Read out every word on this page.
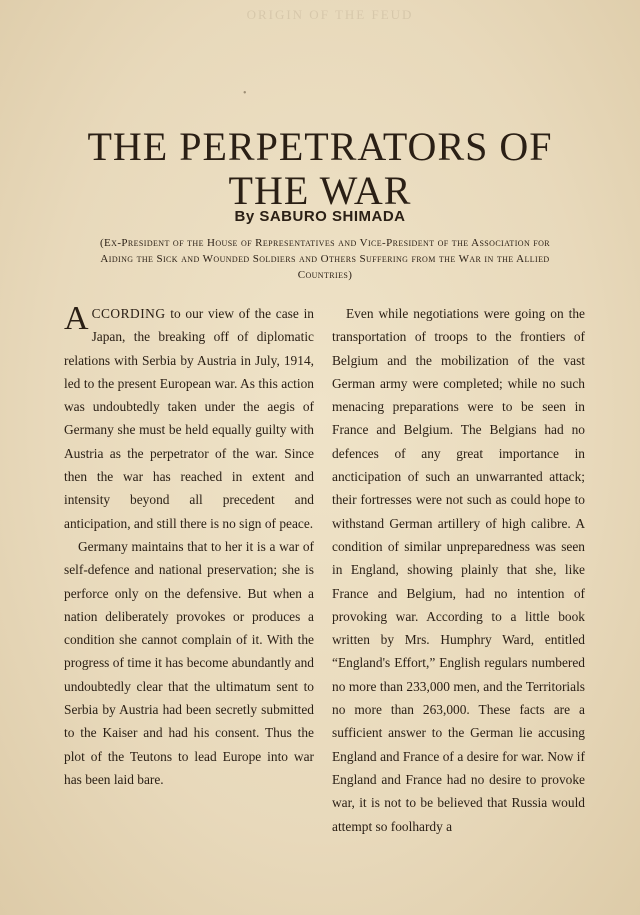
ORIGIN OF THE FEUD
•
THE PERPETRATORS OF
THE WAR
By SABURO SHIMADA
(Ex-President of the House of Representatives and Vice-President of the Association for Aiding the Sick and Wounded Soldiers and Others Suffering from the War in the Allied Countries)

ACCORDING to our view of the case in Japan, the breaking off of diplomatic relations with Serbia by Austria in July, 1914, led to the present European war. As this action was undoubtedly taken under the aegis of Germany she must be held equally guilty with Austria as the perpetrator of the war. Since then the war has reached in extent and intensity beyond all precedent and anticipation, and still there is no sign of peace.

Germany maintains that to her it is a war of self-defence and national preservation; she is perforce only on the defensive. But when a nation deliberately provokes or produces a condition she cannot complain of it. With the progress of time it has become abundantly and undoubtedly clear that the ultimatum sent to Serbia by Austria had been secretly submitted to the Kaiser and had his consent. Thus the plot of the Teutons to lead Europe into war has been laid bare.

Even while negotiations were going on the transportation of troops to the frontiers of Belgium and the mobilization of the vast German army were completed; while no such menacing preparations were to be seen in France and Belgium. The Belgians had no defences of any great importance in ancticipation of such an unwarranted attack; their fortresses were not such as could hope to withstand German artillery of high calibre. A condition of similar unpreparedness was seen in England, showing plainly that she, like France and Belgium, had no intention of provoking war. According to a little book written by Mrs. Humphry Ward, entitled “England's Effort,” English regulars numbered no more than 233,000 men, and the Territorials no more than 263,000. These facts are a sufficient answer to the German lie accusing England and France of a desire for war. Now if England and France had no desire to provoke war, it is not to be believed that Russia would attempt so foolhardy a
